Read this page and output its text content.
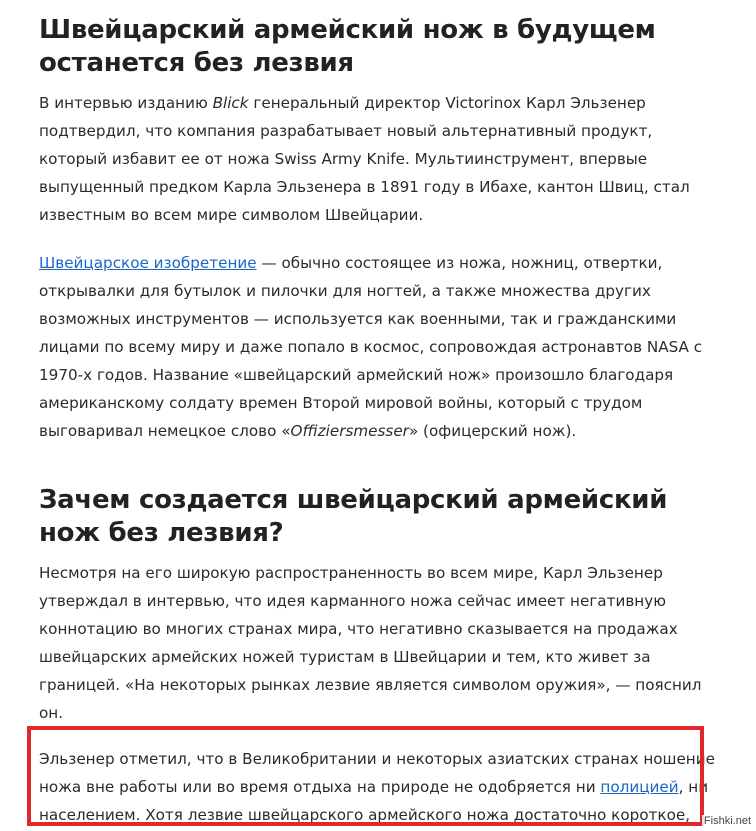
Швейцарский армейский нож в будущем останется без лезвия

В интервью изданию Blick генеральный директор Victorinox Карл Эльзенер подтвердил, что компания разрабатывает новый альтернативный продукт, который избавит ее от ножа Swiss Army Knife. Мультиинструмент, впервые выпущенный предком Карла Эльзенера в 1891 году в Ибахе, кантон Швиц, стал известным во всем мире символом Швейцарии.

Швейцарское изобретение — обычно состоящее из ножа, ножниц, отвертки, открывалки для бутылок и пилочки для ногтей, а также множества других возможных инструментов — используется как военными, так и гражданскими лицами по всему миру и даже попало в космос, сопровождая астронавтов NASA с 1970-х годов. Название «швейцарский армейский нож» произошло благодаря американскому солдату времен Второй мировой войны, который с трудом выговаривал немецкое слово «Offiziersmesser» (офицерский нож).

Зачем создается швейцарский армейский нож без лезвия?

Несмотря на его широкую распространенность во всем мире, Карл Эльзенер утверждал в интервью, что идея карманного ножа сейчас имеет негативную коннотацию во многих странах мира, что негативно сказывается на продажах швейцарских армейских ножей туристам в Швейцарии и тем, кто живет за границей. «На некоторых рынках лезвие является символом оружия», — пояснил он.

Эльзенер отметил, что в Великобритании и некоторых азиатских странах ношение ножа вне работы или во время отдыха на природе не одобряется ни полицией, ни населением. Хотя лезвие швейцарского армейского ножа достаточно короткое,	Fishki.net
